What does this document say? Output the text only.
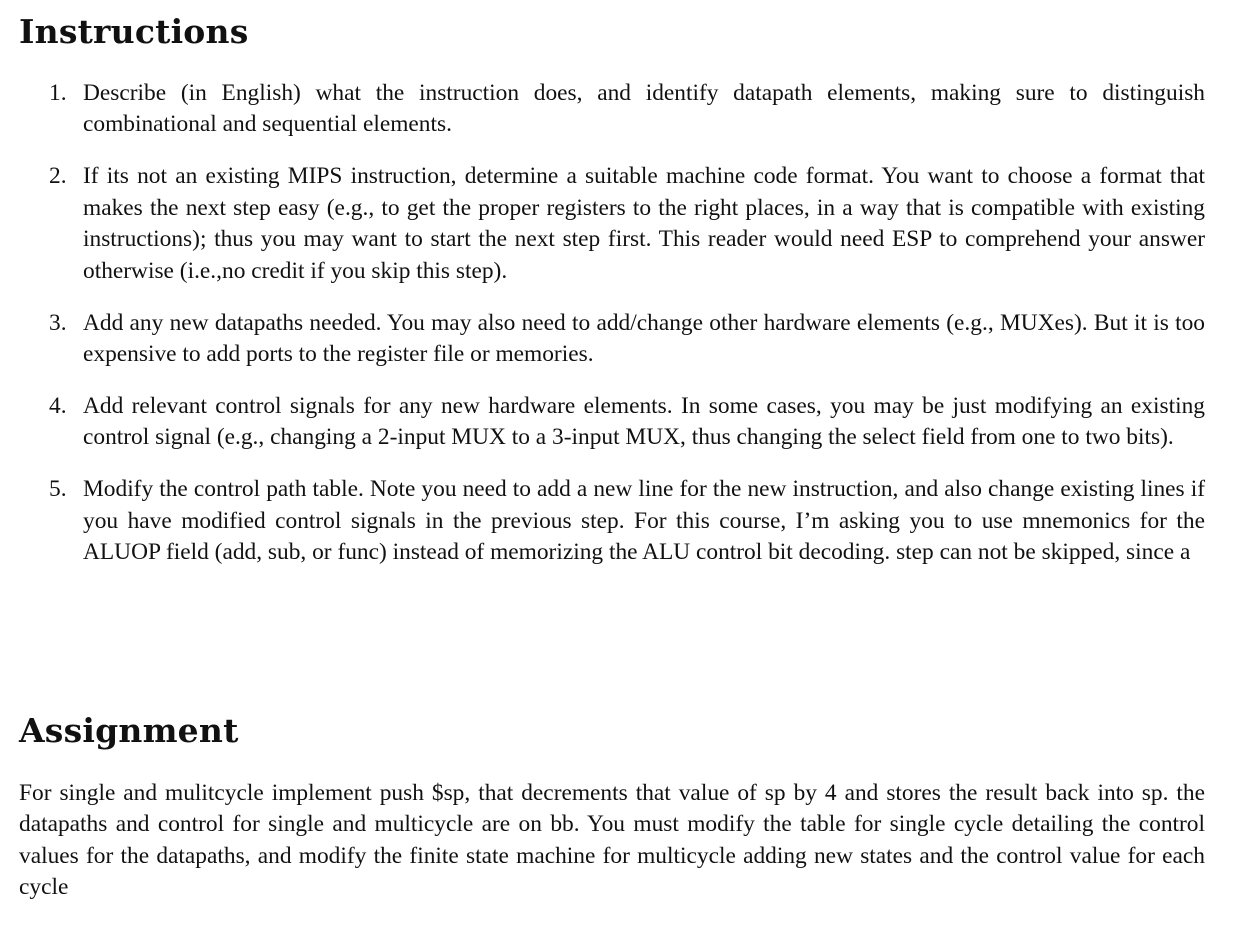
Instructions
1. Describe (in English) what the instruction does, and identify datapath elements, making sure to distinguish combinational and sequential elements.
2. If its not an existing MIPS instruction, determine a suitable machine code format. You want to choose a format that makes the next step easy (e.g., to get the proper registers to the right places, in a way that is compatible with existing instructions); thus you may want to start the next step first. This reader would need ESP to comprehend your answer otherwise (i.e.,no credit if you skip this step).
3. Add any new datapaths needed. You may also need to add/change other hardware elements (e.g., MUXes). But it is too expensive to add ports to the register file or memories.
4. Add relevant control signals for any new hardware elements. In some cases, you may be just modifying an existing control signal (e.g., changing a 2-input MUX to a 3-input MUX, thus changing the select field from one to two bits).
5. Modify the control path table. Note you need to add a new line for the new instruction, and also change existing lines if you have modified control signals in the previous step. For this course, I’m asking you to use mnemonics for the ALUOP field (add, sub, or func) instead of memorizing the ALU control bit decoding. step can not be skipped, since a
Assignment

For single and mulitcycle implement push $sp, that decrements that value of sp by 4 and stores the result back into sp. the datapaths and control for single and multicycle are on bb. You must modify the table for single cycle detailing the control values for the datapaths, and modify the finite state machine for multicycle adding new states and the control value for each cycle
